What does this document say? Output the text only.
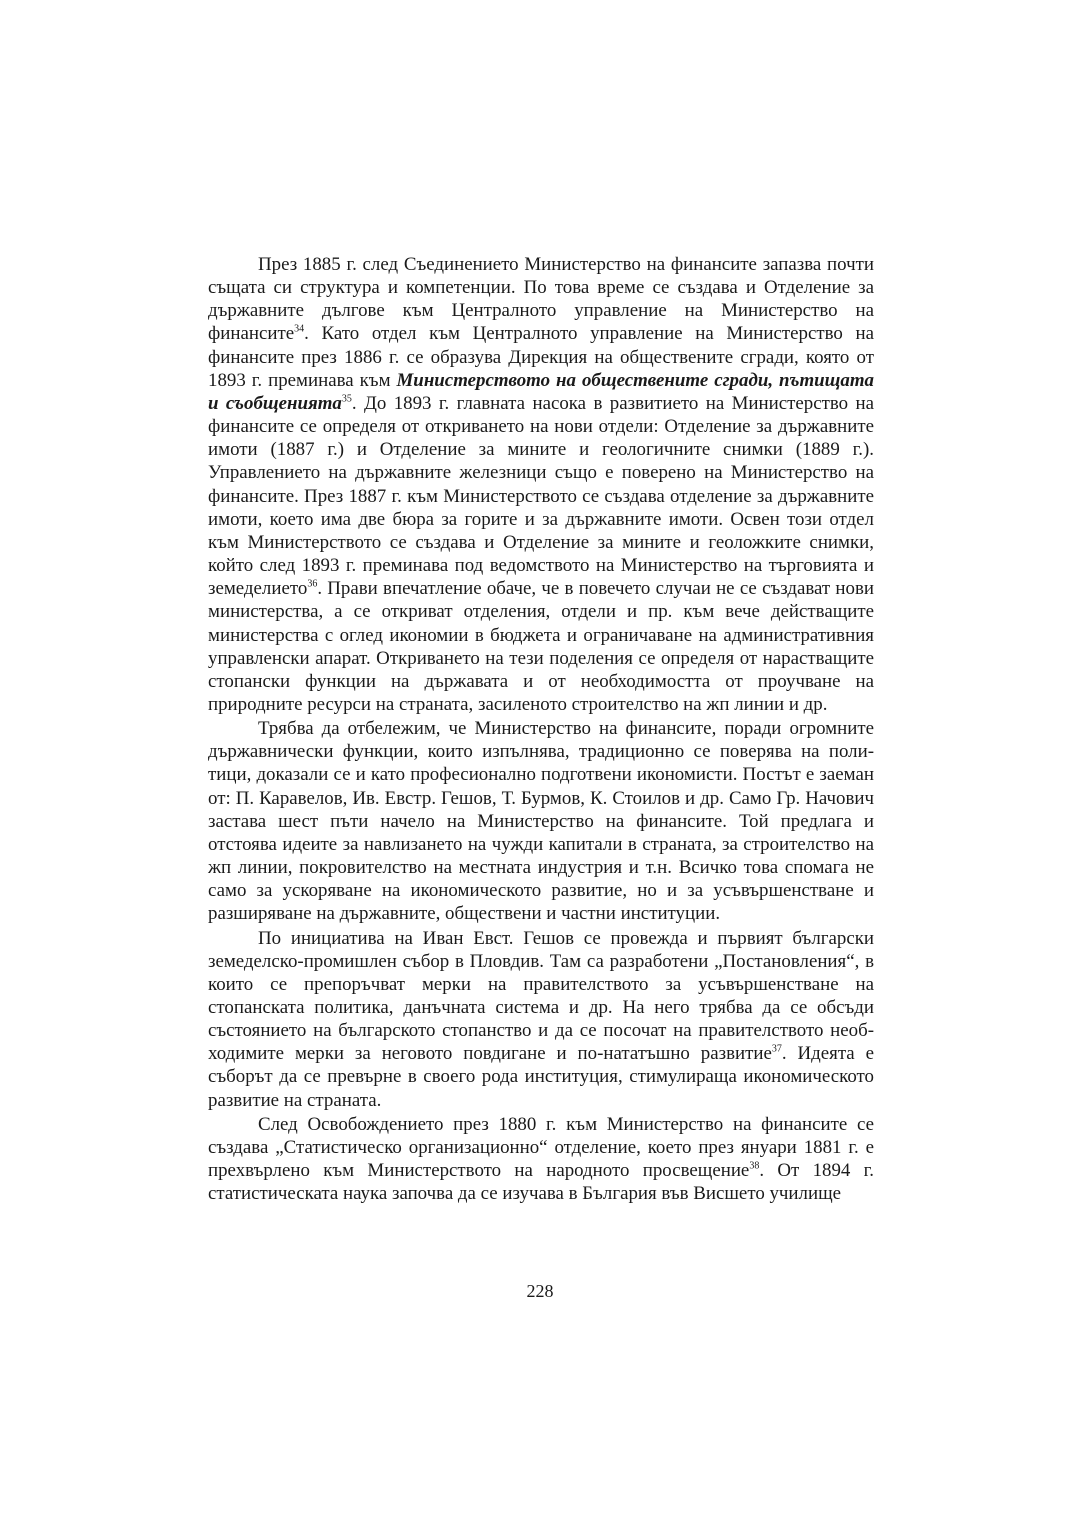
През 1885 г. след Съединението Министерство на финансите запазва почти същата си структура и компетенции. По това време се създава и Отделение за държавните дългове към Централното управление на Министерство на финансите$^{34}$. Като отдел към Централното управление на Министерство на финансите през 1886 г. се образува Дирекция на обществените сгради, която от 1893 г. преминава към Министерството на обществените сгради, пътищата и съобщенията$^{35}$. До 1893 г. главната насока в развитието на Министерство на финансите се определя от откриването на нови отдели: Отделение за държавните имоти (1887 г.) и Отделение за мините и геологичните снимки (1889 г.). Управлението на държавните железници също е поверено на Министерство на финансите. През 1887 г. към Министерството се създава отделение за държавните имоти, което има две бюра за горите и за държавните имоти. Освен този отдел към Министерството се създава и Отделение за мините и геоложките снимки, който след 1893 г. преминава под ведомството на Министерство на търговията и земеделието$^{36}$. Прави впечатление обаче, че в повечето случаи не се създават нови министерства, а се откриват отделения, отдели и пр. към вече действащите министерства с оглед икономии в бюджета и ограничаване на административния управленски апарат. Откриването на тези поделения се определя от нарастващите стопански функции на държавата и от необходимостта от проучване на природните ресурси на страната, засиленото строителство на жп линии и др.

Трябва да отбележим, че Министерство на финансите, поради огромните държавнически функции, които изпълнява, традиционно се поверява на политици, доказали се и като професионално подготвени икономисти. Постът е заеман от: П. Каравелов, Ив. Евстр. Гешов, Т. Бурмов, К. Стоилов и др. Само Гр. Начович застава шест пъти начело на Министерство на финансите. Той предлага и отстоява идеите за навлизането на чужди капитали в страната, за строителство на жп линии, покровителство на местната индустрия и т.н. Всичко това спомага не само за ускоряване на икономическото развитие, но и за усъвършенстване и разширяване на държавните, обществени и частни институции.

По инициатива на Иван Евст. Гешов се провежда и първият български земеделско-промишлен събор в Пловдив. Там са разработени „Постановления“, в които се препоръчват мерки на правителството за усъвършенстване на стопанската политика, данъчната система и др. На него трябва да се обсъди състоянието на българското стопанство и да се посочат на правителството необходимите мерки за неговото повдигане и по-нататъшно развитие$^{37}$. Идеята е съборът да се превърне в своего рода институция, стимулираща икономическото развитие на страната.

След Освобождението през 1880 г. към Министерство на финансите се създава „Статистическо организационно“ отделение, което през януари 1881 г. е прехвърлено към Министерството на народното просвещение$^{38}$. От 1894 г. статистическата наука започва да се изучава в България във Висшето училище

228
